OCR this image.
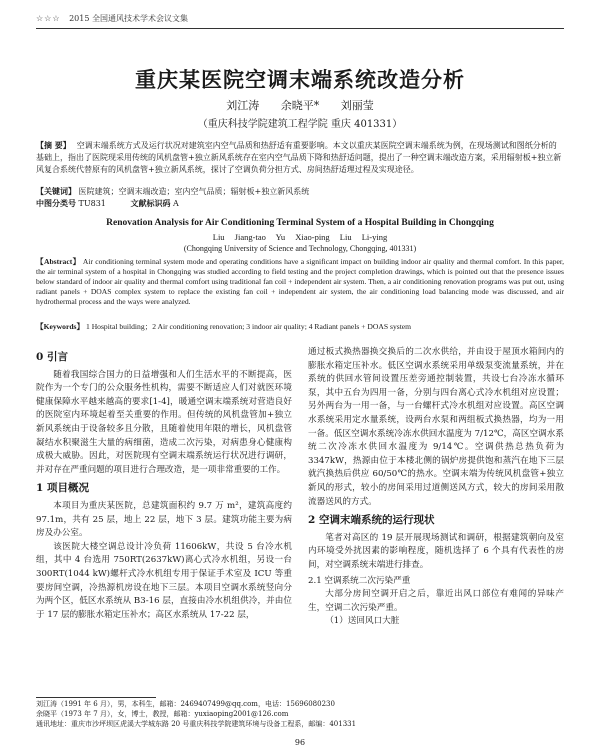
☆☆☆ 2015 全国通风技术学术会议文集
重庆某医院空调末端系统改造分析
刘江涛 余晓平* 刘丽莹
（重庆科技学院建筑工程学院 重庆 401331）
【摘 要】 空调末端系统方式及运行状况对建筑室内空气品质和热舒适有重要影响。本文以重庆某医院空调末端系统为例，在现场测试和图纸分析的基础上，指出了医院现采用传统的风机盘管+独立新风系统存在室内空气品质下降和热舒适问题，提出了一种空调末端改造方案，采用辐射板+独立新风复合系统代替原有的风机盘管+独立新风系统，探讨了空调负荷分担方式、房间热舒适理过程及实现途径。
【关键词】 医院建筑；空调末端改造；室内空气品质；辐射板+独立新风系统
中图分类号 TU831	文献标识码 A
Renovation Analysis for Air Conditioning Terminal System of a Hospital Building in Chongqing
Liu Jiang-tao Yu Xiao-ping Liu Li-ying
(Chongqing University of Science and Technology, Chongqing, 401331)
【Abstract】 Air conditioning terminal system mode and operating conditions have a significant impact on building indoor air quality and thermal comfort. In this paper, the air terminal system of a hospital in Chongqing was studied according to field testing and the project completion drawings, which is pointed out that the presence issues below standard of indoor air quality and thermal comfort using traditional fan coil + independent air system. Then, a air conditioning renovation programs was put out, using radiant panels + DOAS complex system to replace the existing fan coil + independent air system, the air conditioning load balancing mode was discussed, and air hydrothermal process and the ways were analyzed.
【Keywords】 1 Hospital building；2 Air conditioning renovation; 3 indoor air quality; 4 Radiant panels + DOAS system
0 引言

随着我国综合国力的日益增强和人们生活水平的不断提高，医院作为一个专门的公众服务性机构，需要不断适应人们对就医环境健康保障水平越来越高的要求[1-4]，暖通空调末端系统对营造良好的医院室内环境起着至关重要的作用。但传统的风机盘管加+独立新风系统由于设备较多且分散，且随着使用年限的增长，风机盘管凝结水积聚滋生大量的病细菌，造成二次污染，对病患身心健康构成极大威胁。因此，对医院现有空调末端系统运行状况进行调研，并对存在严重问题的项目进行合理改造，是一项非常重要的工作。

1 项目概况

本项目为重庆某医院，总建筑面积约 9.7 万 m²，建筑高度约 97.1m，共有 25 层，地上 22 层，地下 3 层。建筑功能主要为病房及办公室。

该医院大楼空调总设计冷负荷 11606kW，共设 5 台冷水机组，其中 4 台选用 750RT(2637kW)离心式冷水机组，另设一台 300RT(1044 kW)螺杆式冷水机组专用于保证手术室及 ICU 等重要房间空调，冷热源机房设在地下三层。本项目空调水系统竖向分为两个区，低区水系统从 B3-16 层，直接由冷水机组供冷，并由位于 17 层的膨胀水箱定压补水；高区水系统从 17-22 层，

通过板式换热器换交换后的二次水供给，并由设于屋顶水箱间内的膨胀水箱定压补水。低区空调水系统采用单级泵变流量系统，并在系统的供回水管间设置压差旁通控制装置，共设七台冷冻水循环泵，其中五台为四用一备，分别与四台离心式冷水机组对应设置；另外两台为一用一备，与一台螺杆式冷水机组对应设置。高区空调水系统采用定水量系统，设两台水泵和两组板式换热器，均为一用一备。低区空调水系统冷冻水供回水温度为 7/12℃，高区空调水系统二次冷冻水供回水温度为 9/14℃。空调供热总热负荷为 3347kW，热源由位于本楼北侧的锅炉房提供饱和蒸汽在地下三层就汽换热后供应 60/50℃的热水。空调末端为传统风机盘管+独立新风的形式，较小的房间采用过道侧送风方式，较大的房间采用散流器送风的方式。

2 空调末端系统的运行现状

笔者对高区的 19 层开展现场测试和调研，根据建筑朝向及室内环境受外扰因素的影响程度，随机选择了 6 个具有代表性的房间，对空调系统末端进行排查。

2.1 空调系统二次污染严重

大部分房间空调开启之后，靠近出风口部位有难闻的异味产生，空调二次污染严重。

（1）送回风口大脏

刘江涛（1991 年 6 月），男，本科生，邮箱：2469407499@qq.com，电话：15696080230
余晓平（1973 年 7 月），女，博士，教授，邮箱：yuxiaoping2001@126.com
通讯地址：重庆市沙坪坝区虎溪大学城东路 20 号重庆科技学院建筑环境与设备工程系，邮编：401331
96
